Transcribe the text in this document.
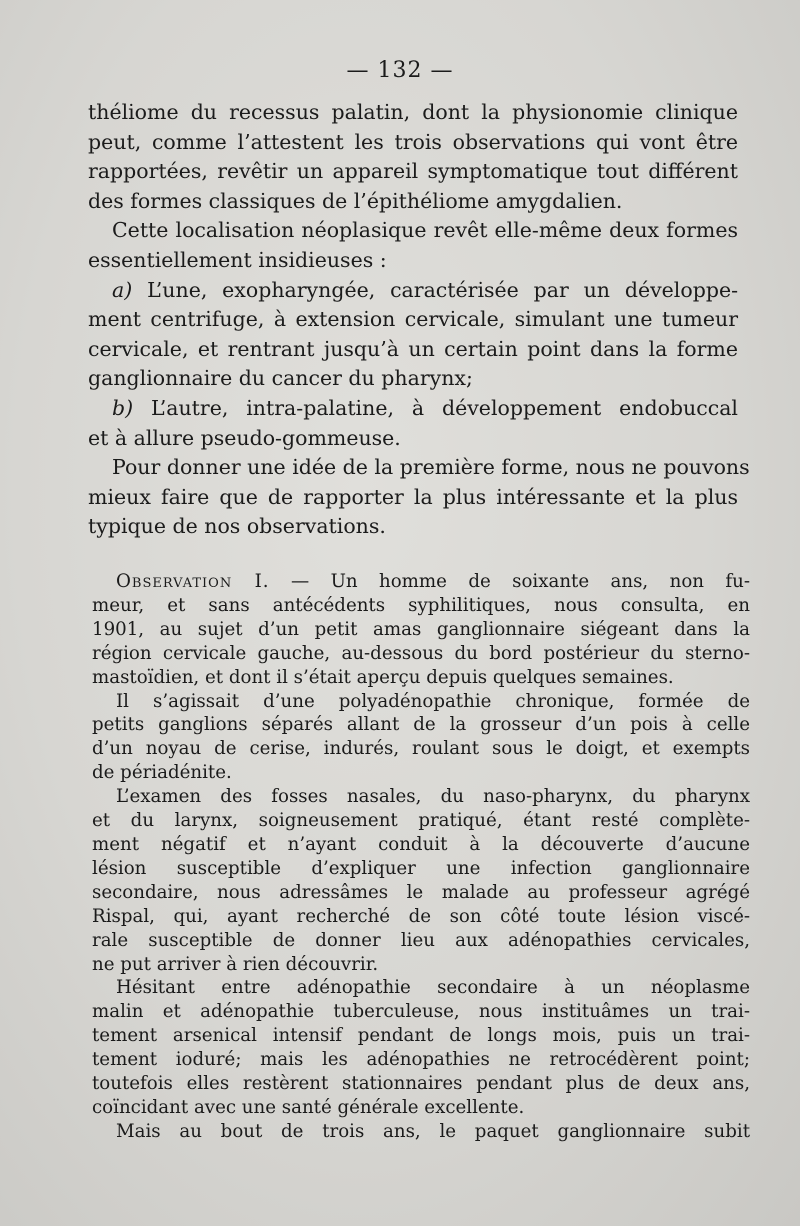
— 132 —
théliome du recessus palatin, dont la physionomie clinique
peut, comme l’attestent les trois observations qui vont être
rapportées, revêtir un appareil symptomatique tout différent
des formes classiques de l’épithéliome amygdalien.
Cette localisation néoplasique revêt elle-même deux formes
essentiellement insidieuses :
a) L’une, exopharyngée, caractérisée par un développe-
ment centrifuge, à extension cervicale, simulant une tumeur
cervicale, et rentrant jusqu’à un certain point dans la forme
ganglionnaire du cancer du pharynx;
b) L’autre, intra-palatine, à développement endobuccal
et à allure pseudo-gommeuse.
Pour donner une idée de la première forme, nous ne pouvons
mieux faire que de rapporter la plus intéressante et la plus
typique de nos observations.
Observation I. — Un homme de soixante ans, non fu-
meur, et sans antécédents syphilitiques, nous consulta, en
1901, au sujet d’un petit amas ganglionnaire siégeant dans la
région cervicale gauche, au-dessous du bord postérieur du sterno-
mastoïdien, et dont il s’était aperçu depuis quelques semaines.
Il s’agissait d’une polyadénopathie chronique, formée de
petits ganglions séparés allant de la grosseur d’un pois à celle
d’un noyau de cerise, indurés, roulant sous le doigt, et exempts
de périadénite.
L’examen des fosses nasales, du naso-pharynx, du pharynx
et du larynx, soigneusement pratiqué, étant resté complète-
ment négatif et n’ayant conduit à la découverte d’aucune
lésion susceptible d’expliquer une infection ganglionnaire
secondaire, nous adressâmes le malade au professeur agrégé
Rispal, qui, ayant recherché de son côté toute lésion viscé-
rale susceptible de donner lieu aux adénopathies cervicales,
ne put arriver à rien découvrir.
Hésitant entre adénopathie secondaire à un néoplasme
malin et adénopathie tuberculeuse, nous instituâmes un trai-
tement arsenical intensif pendant de longs mois, puis un trai-
tement ioduré; mais les adénopathies ne retrocédèrent point;
toutefois elles restèrent stationnaires pendant plus de deux ans,
coïncidant avec une santé générale excellente.
Mais au bout de trois ans, le paquet ganglionnaire subit
